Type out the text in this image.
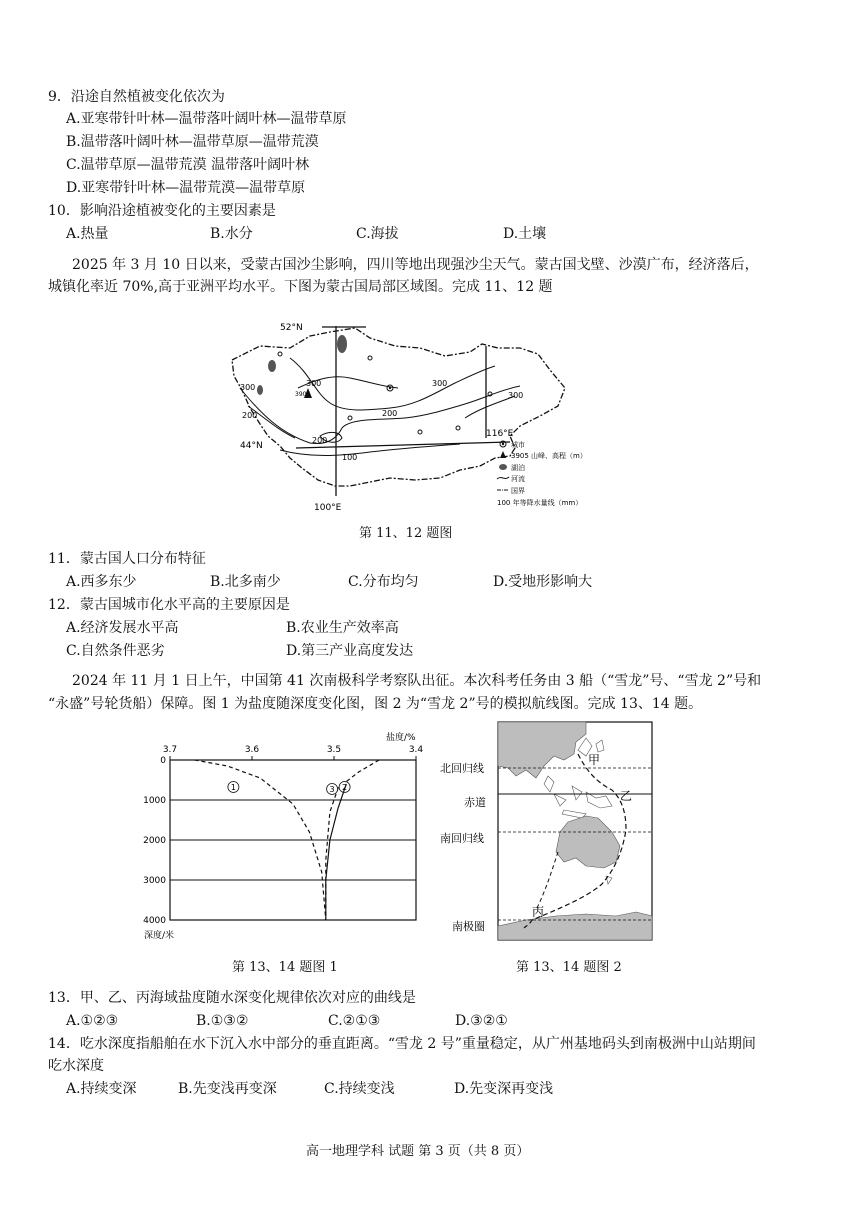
9．沿途自然植被变化依次为
A.亚寒带针叶林—温带落叶阔叶林—温带草原
B.温带落叶阔叶林—温带草原—温带荒漠
C.温带草原—温带荒漠 温带落叶阔叶林
D.亚寒带针叶林—温带荒漠—温带草原
10．影响沿途植被变化的主要因素是
A.热量	B.水分	C.海拔	D.土壤
2025 年 3 月 10 日以来，受蒙古国沙尘影响，四川等地出现强沙尘天气。蒙古国戈壁、沙漠广布，经济落后，
城镇化率近 70%,高于亚洲平均水平。下图为蒙古国局部区域图。完成 11、12 题
52°N
44°N
100°E
116°E
300	300	300
200	200
200
100
300
3905
城市
3905 山峰、高程（m）
湖泊
河流
国界
100 年等降水量线（mm）
第 11、12 题图
11．蒙古国人口分布特征
A.西多东少	B.北多南少	C.分布均匀	D.受地形影响大
12．蒙古国城市化水平高的主要原因是
A.经济发展水平高	B.农业生产效率高
C.自然条件恶劣	D.第三产业高度发达
2024 年 11 月 1 日上午，中国第 41 次南极科学考察队出征。本次科考任务由 3 船（“雪龙”号、“雪龙 2”号和
“永盛”号轮货船）保障。图 1 为盐度随深度变化图，图 2 为“雪龙 2”号的模拟航线图。完成 13、14 题。
盐度/%
深度/米
3.7	3.6	3.5	3.4
0
1000
2000
3000
4000
1	2
3
第 13、14 题图 1
北回归线
赤道
南回归线
南极圈
甲
乙
丙
第 13、14 题图 2
13．甲、乙、丙海域盐度随水深变化规律依次对应的曲线是
A.①②③	B.①③②	C.②①③	D.③②①
14．吃水深度指船舶在水下沉入水中部分的垂直距离。“雪龙 2 号”重量稳定，从广州基地码头到南极洲中山站期间
吃水深度
A.持续变深	B.先变浅再变深	C.持续变浅	D.先变深再变浅
高一地理学科 试题 第 3 页（共 8 页）
